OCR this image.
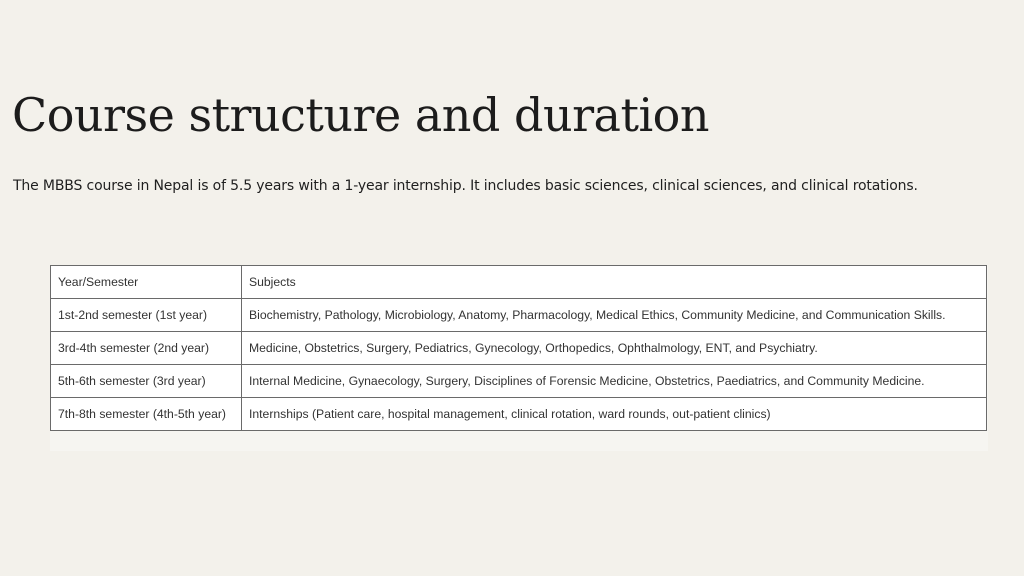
Course structure and duration

The MBBS course in Nepal is of 5.5 years with a 1-year internship. It includes basic sciences, clinical sciences, and clinical rotations.

Year/Semester	Subjects
1st-2nd semester (1st year)	Biochemistry, Pathology, Microbiology, Anatomy, Pharmacology, Medical Ethics, Community Medicine, and Communication Skills.
3rd-4th semester (2nd year)	Medicine, Obstetrics, Surgery, Pediatrics, Gynecology, Orthopedics, Ophthalmology, ENT, and Psychiatry.
5th-6th semester (3rd year)	Internal Medicine, Gynaecology, Surgery, Disciplines of Forensic Medicine, Obstetrics, Paediatrics, and Community Medicine.
7th-8th semester (4th-5th year)	Internships (Patient care, hospital management, clinical rotation, ward rounds, out-patient clinics)
